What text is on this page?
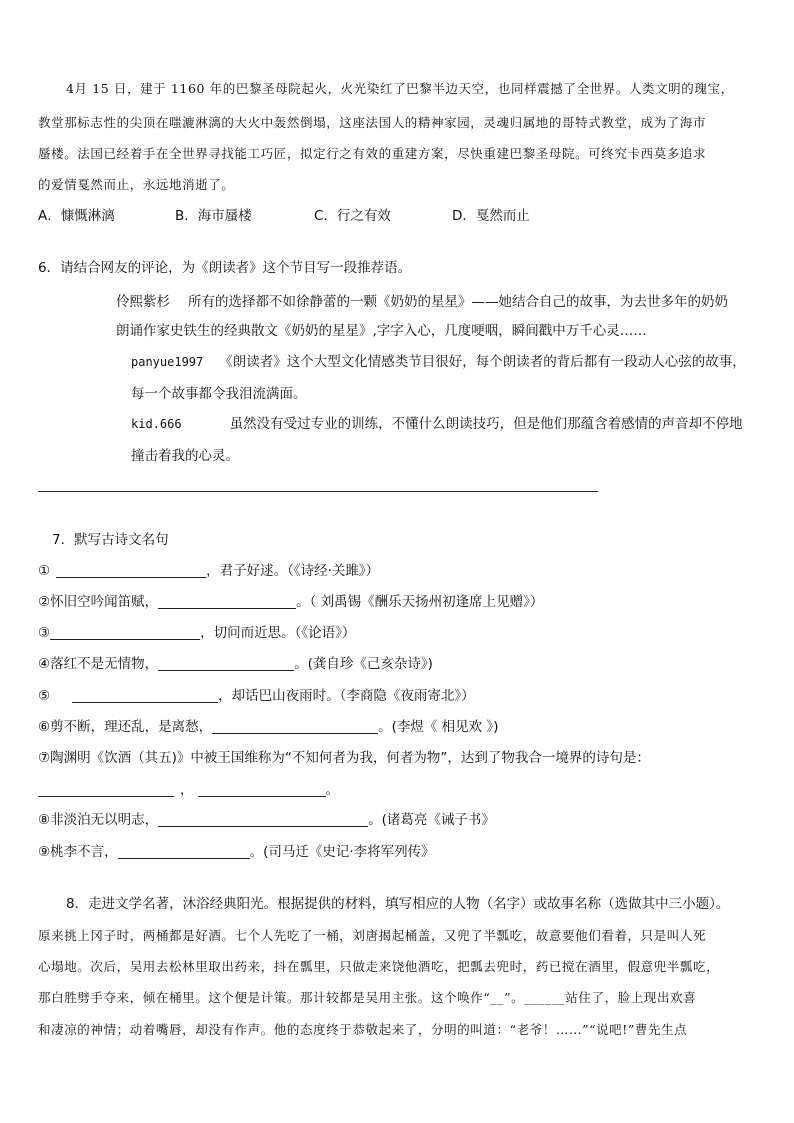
4月 15 日，建于 1160 年的巴黎圣母院起火，火光染红了巴黎半边天空，也同样震撼了全世界。人类文明的瑰宝，
教堂那标志性的尖顶在嗤漉淋漓的大火中轰然倒塌，这座法国人的精神家园，灵魂归属地的哥特式教堂，成为了海市
蜃楼。法国已经着手在全世界寻找能工巧匠，拟定行之有效的重建方案，尽快重建巴黎圣母院。可终究卡西莫多追求
的爱情戛然而止，永远地消逝了。
A．慷慨淋漓	B．海市蜃楼	C．行之有效	D．戛然而止
6．请结合网友的评论，为《朗读者》这个节目写一段推荐语。
伶熙紫杉 所有的选择都不如徐静蕾的一颗《奶奶的星星》——她结合自己的故事，为去世多年的奶奶
朗诵作家史铁生的经典散文《奶奶的星星》,字字入心，几度哽咽，瞬间戳中万千心灵……
panyue1997 《朗读者》这个大型文化情感类节目很好，每个朗读者的背后都有一段动人心弦的故事，
每一个故事都令我泪流满面。
kid.666	虽然没有受过专业的训练，不懂什么朗读技巧，但是他们那蕴含着感情的声音却不停地
撞击着我的心灵。
7．默写古诗文名句
①	，君子好逑。（《诗经·关雎》）
②怀旧空吟闻笛赋，	。（ 刘禹锡《酬乐天扬州初逢席上见赠》）
③	，切问而近思。（《论语》）
④落红不是无情物，	。(龚自珍《己亥杂诗》)
⑤	，却话巴山夜雨时。（李商隐《夜雨寄北》）
⑥剪不断，理还乱，是离愁，	。(李煜《 相见欢 》)
⑦陶渊明《饮酒（其五)》中被王国维称为“不知何者为我，何者为物”，达到了物我合一境界的诗句是：
，	。
⑧非淡泊无以明志，	。(诸葛亮《诫子书》
⑨桃李不言，	。(司马迁《史记·李将军列传》
8．走进文学名著，沐浴经典阳光。根据提供的材料，填写相应的人物（名字）或故事名称（选做其中三小题）。
原来挑上冈子时，两桶都是好酒。七个人先吃了一桶，刘唐揭起桶盖，又兜了半瓢吃，故意要他们看着，只是叫人死
心塌地。次后，吴用去松林里取出药来，抖在瓢里，只做走来饶他酒吃，把瓢去兜时，药已搅在酒里，假意兜半瓢吃，
那白胜劈手夺来，倾在桶里。这个便是计策。那计较都是吴用主张。这个唤作“__”。______站住了，脸上现出欢喜
和凄凉的神情；动着嘴唇，却没有作声。他的态度终于恭敬起来了，分明的叫道：“老爷！……”“说吧!”曹先生点
